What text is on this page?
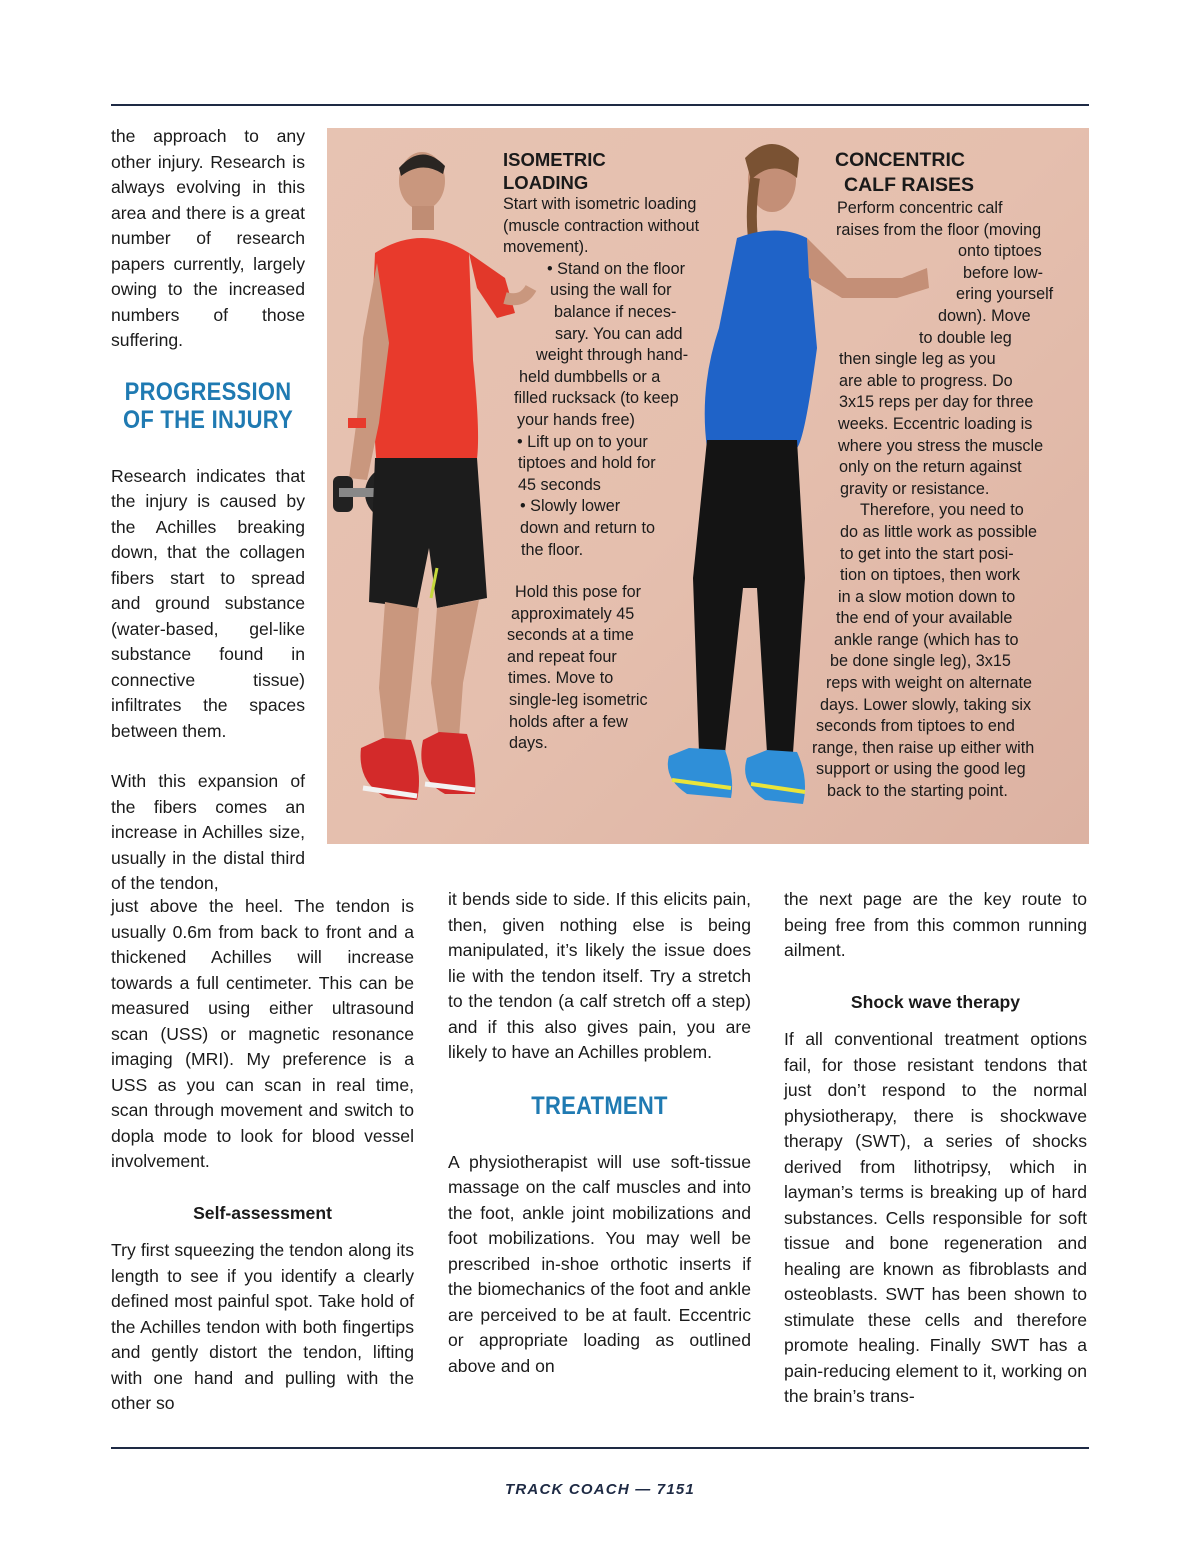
the approach to any other injury. Research is always evolving in this area and there is a great number of research papers currently, largely owing to the increased numbers of those suffering.

PROGRESSION OF THE INJURY

Research indicates that the injury is caused by the Achilles breaking down, that the collagen fibers start to spread and ground substance (water-based, gel-like substance found in connective tissue) infiltrates the spaces between them.

With this expansion of the fibers comes an increase in Achilles size, usually in the distal third of the tendon,

just above the heel. The tendon is usually 0.6m from back to front and a thickened Achilles will increase towards a full centimeter. This can be measured using either ultrasound scan (USS) or magnetic resonance imaging (MRI). My preference is a USS as you can scan in real time, scan through movement and switch to dopla mode to look for blood vessel involvement.

Self-assessment

Try first squeezing the tendon along its length to see if you identify a clearly defined most painful spot. Take hold of the Achilles tendon with both fingertips and gently distort the tendon, lifting with one hand and pulling with the other so

ISOMETRIC
LOADING
Start with isometric loading
(muscle contraction without
movement).
• Stand on the floor
using the wall for
balance if neces-
sary. You can add
weight through hand-
held dumbbells or a
filled rucksack (to keep
your hands free)
• Lift up on to your
tiptoes and hold for
45 seconds
• Slowly lower
down and return to
the floor.
Hold this pose for
approximately 45
seconds at a time
and repeat four
times. Move to
single-leg isometric
holds after a few
days.
CONCENTRIC
CALF RAISES
Perform concentric calf
raises from the floor (moving
onto tiptoes
before low-
ering yourself
down). Move
to double leg
then single leg as you
are able to progress. Do
3x15 reps per day for three
weeks. Eccentric loading is
where you stress the muscle
only on the return against
gravity or resistance.
Therefore, you need to
do as little work as possible
to get into the start posi-
tion on tiptoes, then work
in a slow motion down to
the end of your available
ankle range (which has to
be done single leg), 3x15
reps with weight on alternate
days. Lower slowly, taking six
seconds from tiptoes to end
range, then raise up either with
support or using the good leg
back to the starting point.

it bends side to side. If this elicits pain, then, given nothing else is being manipulated, it’s likely the issue does lie with the tendon itself. Try a stretch to the tendon (a calf stretch off a step) and if this also gives pain, you are likely to have an Achilles problem.

TREATMENT

A physiotherapist will use soft-tissue massage on the calf muscles and into the foot, ankle joint mobilizations and foot mobilizations. You may well be prescribed in-shoe orthotic inserts if the biomechanics of the foot and ankle are perceived to be at fault. Eccentric or appropriate loading as outlined above and on

the next page are the key route to being free from this common running ailment.

Shock wave therapy

If all conventional treatment options fail, for those resistant tendons that just don’t respond to the normal physiotherapy, there is shockwave therapy (SWT), a series of shocks derived from lithotripsy, which in layman’s terms is breaking up of hard substances. Cells responsible for soft tissue and bone regeneration and healing are known as fibroblasts and osteoblasts. SWT has been shown to stimulate these cells and therefore promote healing. Finally SWT has a pain-reducing element to it, working on the brain’s trans-

TRACK COACH — 7151
